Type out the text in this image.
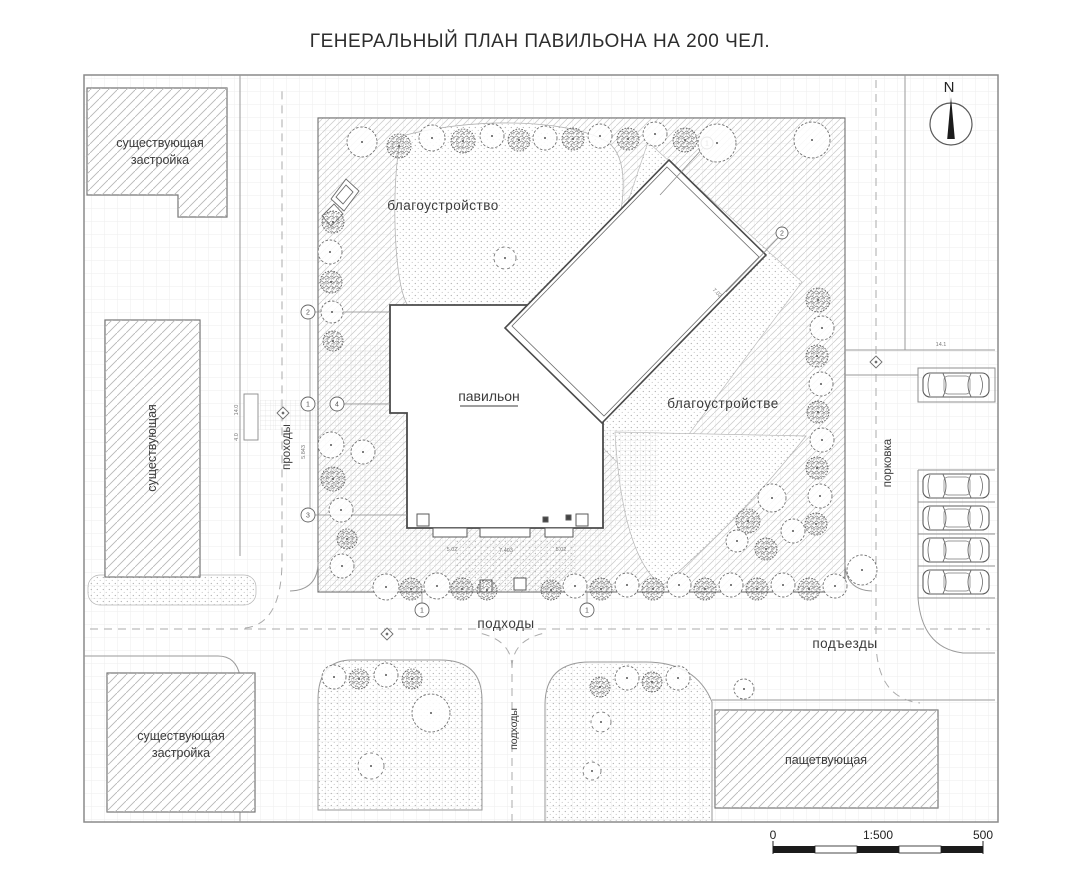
ГЕНЕРАЛЬНЫЙ ПЛАН ПАВИЛЬОНА НА 200 ЧЕЛ.
существующая
застройка
существующая
существующая
застройка	пащетвующая
павильон
2
1	4
3
1	1
2
14.0
4.0
5.843
7.02
14.1
5.02	7.403	5.02
благоустройство
благоустройстве
проходы
подходы
подъезды
порковка
подходы
N
0	1:500	500
